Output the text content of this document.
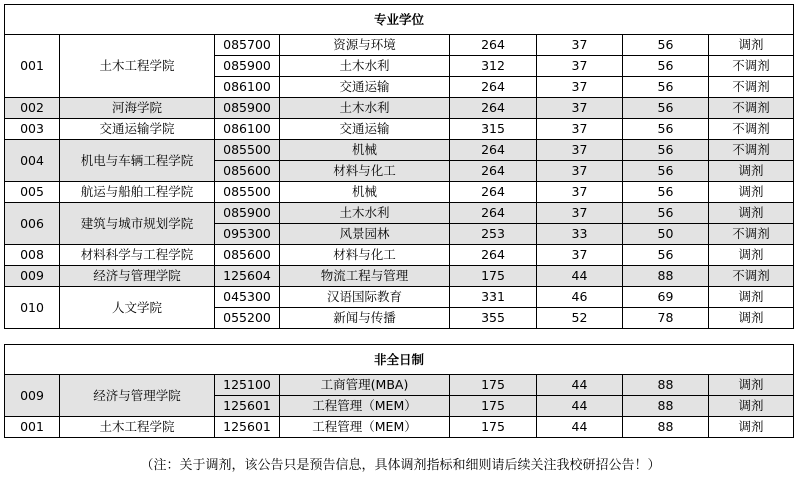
专业学位							
001	土木工程学院	085700	资源与环境	264	37	56	调剂
		085900	土木水利	312	37	56	不调剂
		086100	交通运输	264	37	56	不调剂
002	河海学院	085900	土木水利	264	37	56	不调剂
003	交通运输学院	086100	交通运输	315	37	56	不调剂
004	机电与车辆工程学院	085500	机械	264	37	56	不调剂
		085600	材料与化工	264	37	56	调剂
005	航运与船舶工程学院	085500	机械	264	37	56	调剂
006	建筑与城市规划学院	085900	土木水利	264	37	56	调剂
		095300	风景园林	253	33	50	不调剂
008	材料科学与工程学院	085600	材料与化工	264	37	56	调剂
009	经济与管理学院	125604	物流工程与管理	175	44	88	不调剂
010	人文学院	045300	汉语国际教育	331	46	69	调剂
		055200	新闻与传播	355	52	78	调剂
非全日制							
009	经济与管理学院	125100	工商管理(MBA)	175	44	88	调剂
		125601	工程管理（MEM）	175	44	88	调剂
001	土木工程学院	125601	工程管理（MEM）	175	44	88	调剂
（注：关于调剂，该公告只是预告信息，具体调剂指标和细则请后续关注我校研招公告！）
